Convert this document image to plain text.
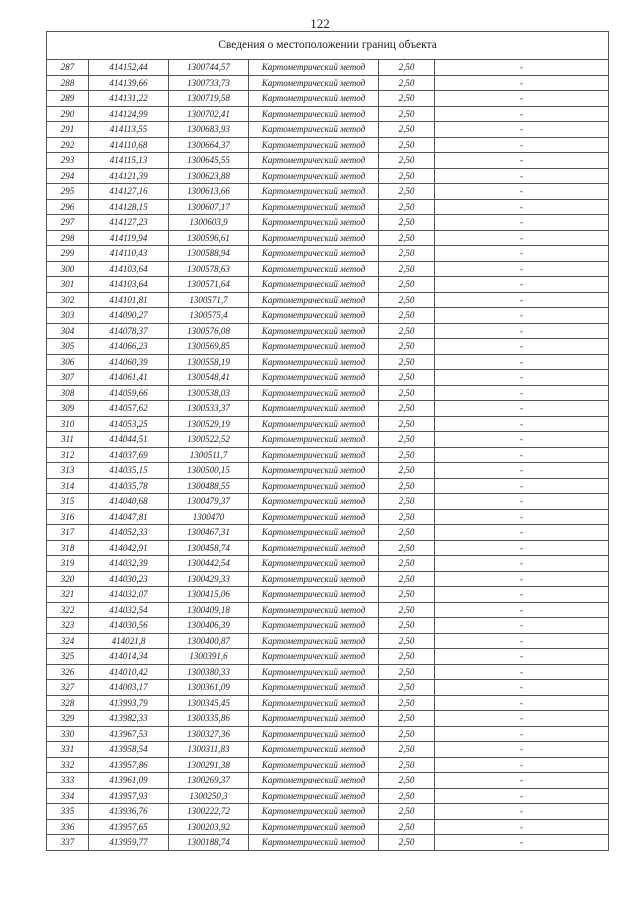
122
Сведения о местоположении границ объекта					
287	414152,44	1300744,57	Картометрический метод	2,50	-
288	414139,66	1300733,73	Картометрический метод	2,50	-
289	414131,22	1300719,58	Картометрический метод	2,50	-
290	414124,99	1300702,41	Картометрический метод	2,50	-
291	414113,55	1300683,93	Картометрический метод	2,50	-
292	414110,68	1300664,37	Картометрический метод	2,50	-
293	414115,13	1300645,55	Картометрический метод	2,50	-
294	414121,39	1300623,88	Картометрический метод	2,50	-
295	414127,16	1300613,66	Картометрический метод	2,50	-
296	414128,15	1300607,17	Картометрический метод	2,50	-
297	414127,23	1300603,9	Картометрический метод	2,50	-
298	414119,94	1300596,61	Картометрический метод	2,50	-
299	414110,43	1300588,94	Картометрический метод	2,50	-
300	414103,64	1300578,63	Картометрический метод	2,50	-
301	414103,64	1300571,64	Картометрический метод	2,50	-
302	414101,81	1300571,7	Картометрический метод	2,50	-
303	414090,27	1300575,4	Картометрический метод	2,50	-
304	414078,37	1300576,08	Картометрический метод	2,50	-
305	414066,23	1300569,85	Картометрический метод	2,50	-
306	414060,39	1300558,19	Картометрический метод	2,50	-
307	414061,41	1300548,41	Картометрический метод	2,50	-
308	414059,66	1300538,03	Картометрический метод	2,50	-
309	414057,62	1300533,37	Картометрический метод	2,50	-
310	414053,25	1300529,19	Картометрический метод	2,50	-
311	414044,51	1300522,52	Картометрический метод	2,50	-
312	414037,69	1300511,7	Картометрический метод	2,50	-
313	414035,15	1300500,15	Картометрический метод	2,50	-
314	414035,78	1300488,55	Картометрический метод	2,50	-
315	414040,68	1300479,37	Картометрический метод	2,50	-
316	414047,81	1300470	Картометрический метод	2,50	-
317	414052,33	1300467,31	Картометрический метод	2,50	-
318	414042,91	1300458,74	Картометрический метод	2,50	-
319	414032,39	1300442,54	Картометрический метод	2,50	-
320	414030,23	1300429,33	Картометрический метод	2,50	-
321	414032,07	1300415,06	Картометрический метод	2,50	-
322	414032,54	1300409,18	Картометрический метод	2,50	-
323	414030,56	1300406,39	Картометрический метод	2,50	-
324	414021,8	1300400,87	Картометрический метод	2,50	-
325	414014,34	1300391,6	Картометрический метод	2,50	-
326	414010,42	1300380,33	Картометрический метод	2,50	-
327	414003,17	1300361,09	Картометрический метод	2,50	-
328	413993,79	1300345,45	Картометрический метод	2,50	-
329	413982,33	1300335,86	Картометрический метод	2,50	-
330	413967,53	1300327,36	Картометрический метод	2,50	-
331	413958,54	1300311,83	Картометрический метод	2,50	-
332	413957,86	1300291,38	Картометрический метод	2,50	-
333	413961,09	1300269,37	Картометрический метод	2,50	-
334	413957,93	1300250,3	Картометрический метод	2,50	-
335	413936,76	1300222,72	Картометрический метод	2,50	-
336	413957,65	1300203,92	Картометрический метод	2,50	-
337	413959,77	1300188,74	Картометрический метод	2,50	-
